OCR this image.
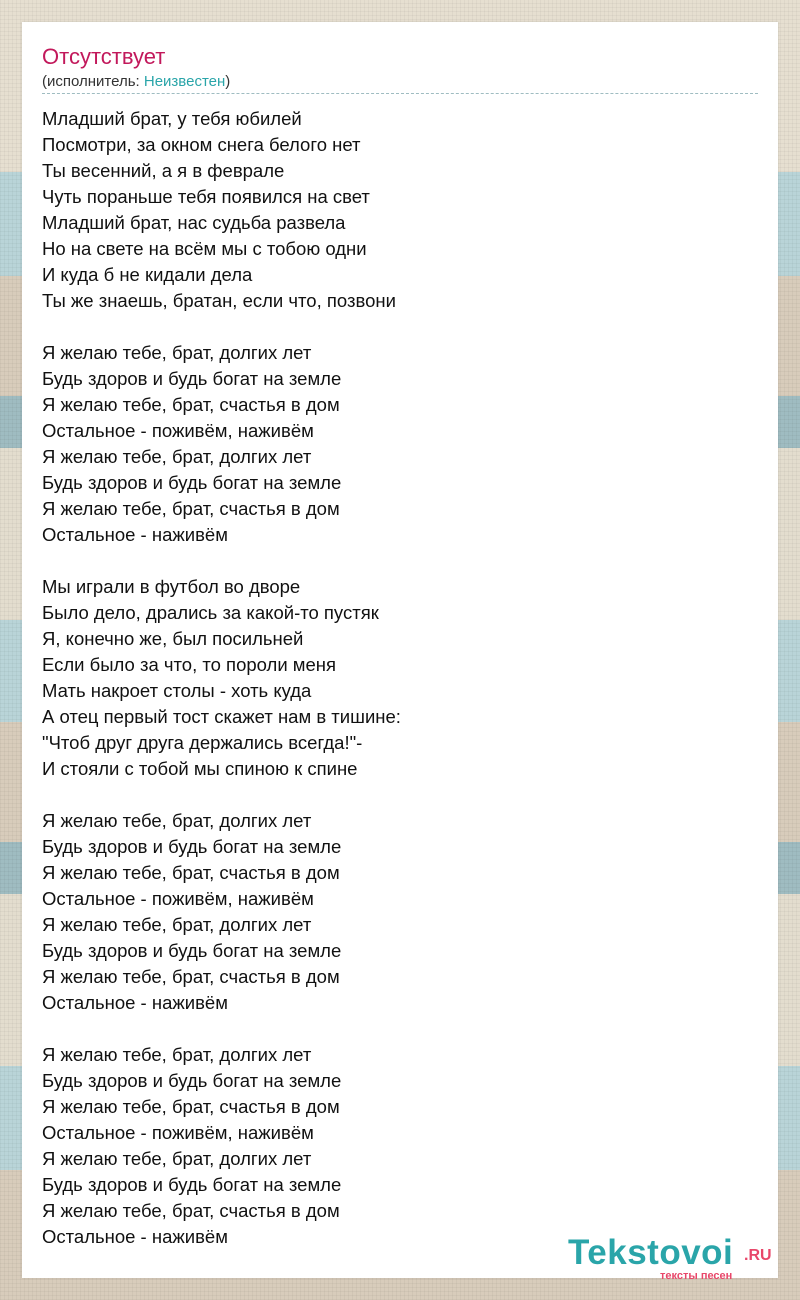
Отсутствует
(исполнитель: Неизвестен)
Младший брат, у тебя юбилей
Посмотри, за окном снега белого нет
Ты весенний, а я в феврале
Чуть пораньше тебя появился на свет
Младший брат, нас судьба развела
Но на свете на всём мы с тобою одни
И куда б не кидали дела
Ты же знаешь, братан, если что, позвони
Я желаю тебе, брат, долгих лет
Будь здоров и будь богат на земле
Я желаю тебе, брат, счастья в дом
Остальное - поживём, наживём
Я желаю тебе, брат, долгих лет
Будь здоров и будь богат на земле
Я желаю тебе, брат, счастья в дом
Остальное - наживём
Мы играли в футбол во дворе
Было дело, дрались за какой-то пустяк
Я, конечно же, был посильней
Если было за что, то пороли меня
Мать накроет столы - хоть куда
А отец первый тост скажет нам в тишине:
"Чтоб друг друга держались всегда!"-
И стояли с тобой мы спиною к спине
Я желаю тебе, брат, долгих лет
Будь здоров и будь богат на земле
Я желаю тебе, брат, счастья в дом
Остальное - поживём, наживём
Я желаю тебе, брат, долгих лет
Будь здоров и будь богат на земле
Я желаю тебе, брат, счастья в дом
Остальное - наживём
Я желаю тебе, брат, долгих лет
Будь здоров и будь богат на земле
Я желаю тебе, брат, счастья в дом
Остальное - поживём, наживём
Я желаю тебе, брат, долгих лет
Будь здоров и будь богат на земле
Я желаю тебе, брат, счастья в дом
Остальное - наживём	Tekstovoi .RU
тексты песен
